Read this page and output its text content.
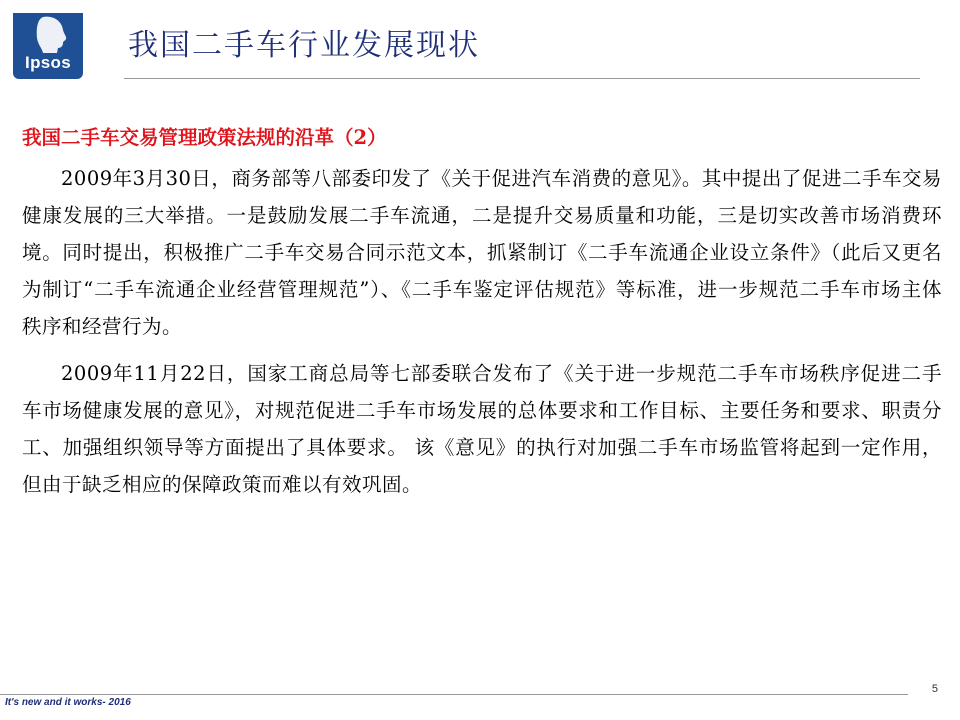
Ipsos	我国二手车行业发展现状

我国二手车交易管理政策法规的沿革（2）

2009年3月30日，商务部等八部委印发了《关于促进汽车消费的意见》。其中提出了促进二手车交易健康发展的三大举措。一是鼓励发展二手车流通，二是提升交易质量和功能，三是切实改善市场消费环境。同时提出，积极推广二手车交易合同示范文本，抓紧制订《二手车流通企业设立条件》（此后又更名为制订“二手车流通企业经营管理规范”）、《二手车鉴定评估规范》等标准，进一步规范二手车市场主体秩序和经营行为。

2009年11月22日，国家工商总局等七部委联合发布了《关于进一步规范二手车市场秩序促进二手车市场健康发展的意见》，对规范促进二手车市场发展的总体要求和工作目标、主要任务和要求、职责分工、加强组织领导等方面提出了具体要求。 该《意见》的执行对加强二手车市场监管将起到一定作用，但由于缺乏相应的保障政策而难以有效巩固。

5
It's new and it works- 2016
